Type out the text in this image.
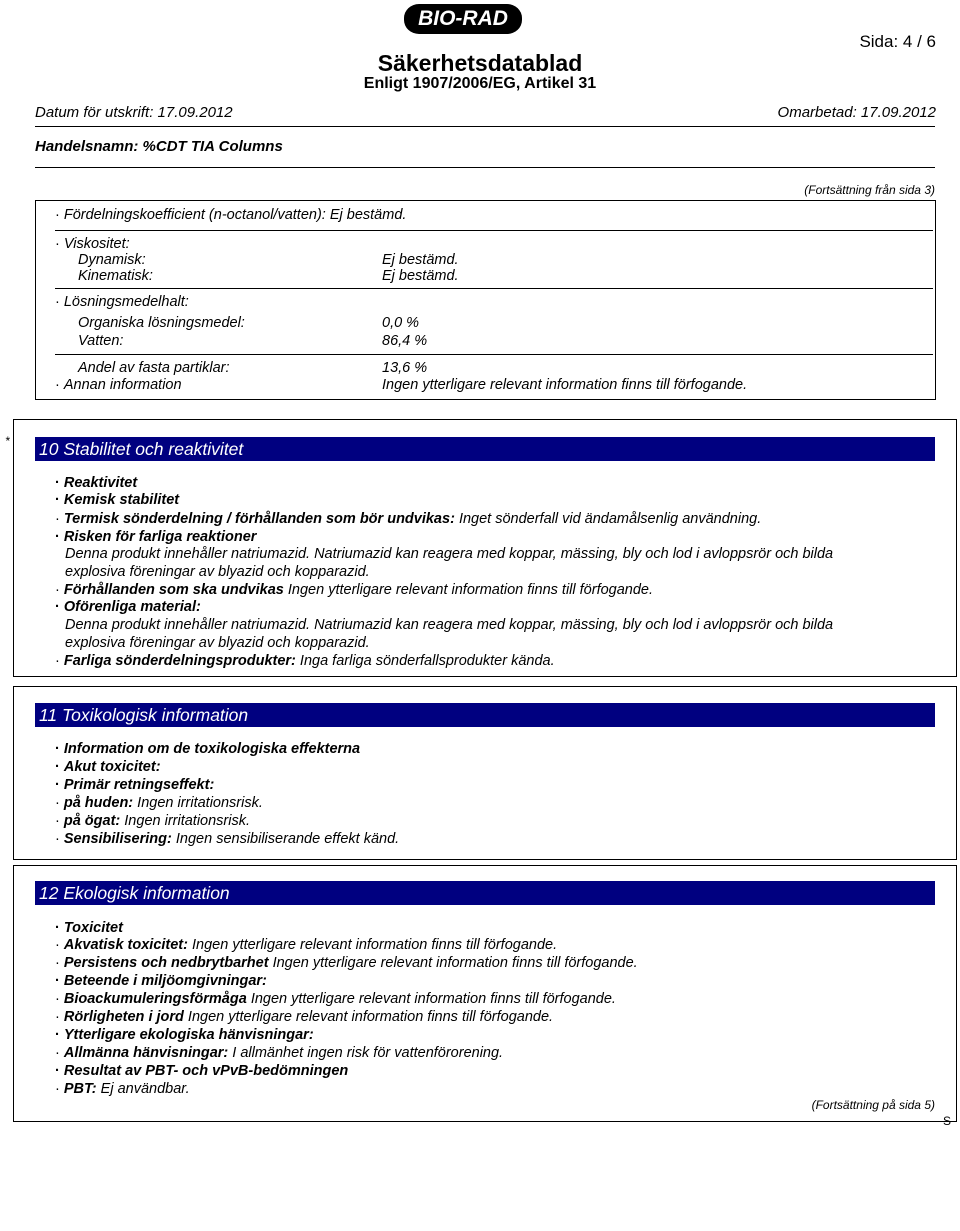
BIO-RAD
Säkerhetsdatablad
Enligt 1907/2006/EG, Artikel 31
Sida: 4 / 6
Datum för utskrift: 17.09.2012	Omarbetad: 17.09.2012
Handelsnamn: %CDT TIA Columns
(Fortsättning från sida 3)
· Fördelningskoefficient (n-octanol/vatten): Ej bestämd.
· Viskositet:
Dynamisk:	Ej bestämd.
Kinematisk:	Ej bestämd.
· Lösningsmedelhalt:
Organiska lösningsmedel:	0,0 %
Vatten:	86,4 %
Andel av fasta partiklar:	13,6 %
· Annan information	Ingen ytterligare relevant information finns till förfogande.
* 10 Stabilitet och reaktivitet
· Reaktivitet
· Kemisk stabilitet
· Termisk sönderdelning / förhållanden som bör undvikas: Inget sönderfall vid ändamålsenlig användning.
· Risken för farliga reaktioner
Denna produkt innehåller natriumazid. Natriumazid kan reagera med koppar, mässing, bly och lod i avloppsrör och bilda
explosiva föreningar av blyazid och kopparazid.
· Förhållanden som ska undvikas Ingen ytterligare relevant information finns till förfogande.
· Oförenliga material:
Denna produkt innehåller natriumazid. Natriumazid kan reagera med koppar, mässing, bly och lod i avloppsrör och bilda
explosiva föreningar av blyazid och kopparazid.
· Farliga sönderdelningsprodukter: Inga farliga sönderfallsprodukter kända.
11 Toxikologisk information
· Information om de toxikologiska effekterna
· Akut toxicitet:
· Primär retningseffekt:
· på huden: Ingen irritationsrisk.
· på ögat: Ingen irritationsrisk.
· Sensibilisering: Ingen sensibiliserande effekt känd.
12 Ekologisk information
· Toxicitet
· Akvatisk toxicitet: Ingen ytterligare relevant information finns till förfogande.
· Persistens och nedbrytbarhet Ingen ytterligare relevant information finns till förfogande.
· Beteende i miljöomgivningar:
· Bioackumuleringsförmåga Ingen ytterligare relevant information finns till förfogande.
· Rörligheten i jord Ingen ytterligare relevant information finns till förfogande.
· Ytterligare ekologiska hänvisningar:
· Allmänna hänvisningar: I allmänhet ingen risk för vattenförorening.
· Resultat av PBT- och vPvB-bedömningen
· PBT: Ej användbar.
(Fortsättning på sida 5)
S
